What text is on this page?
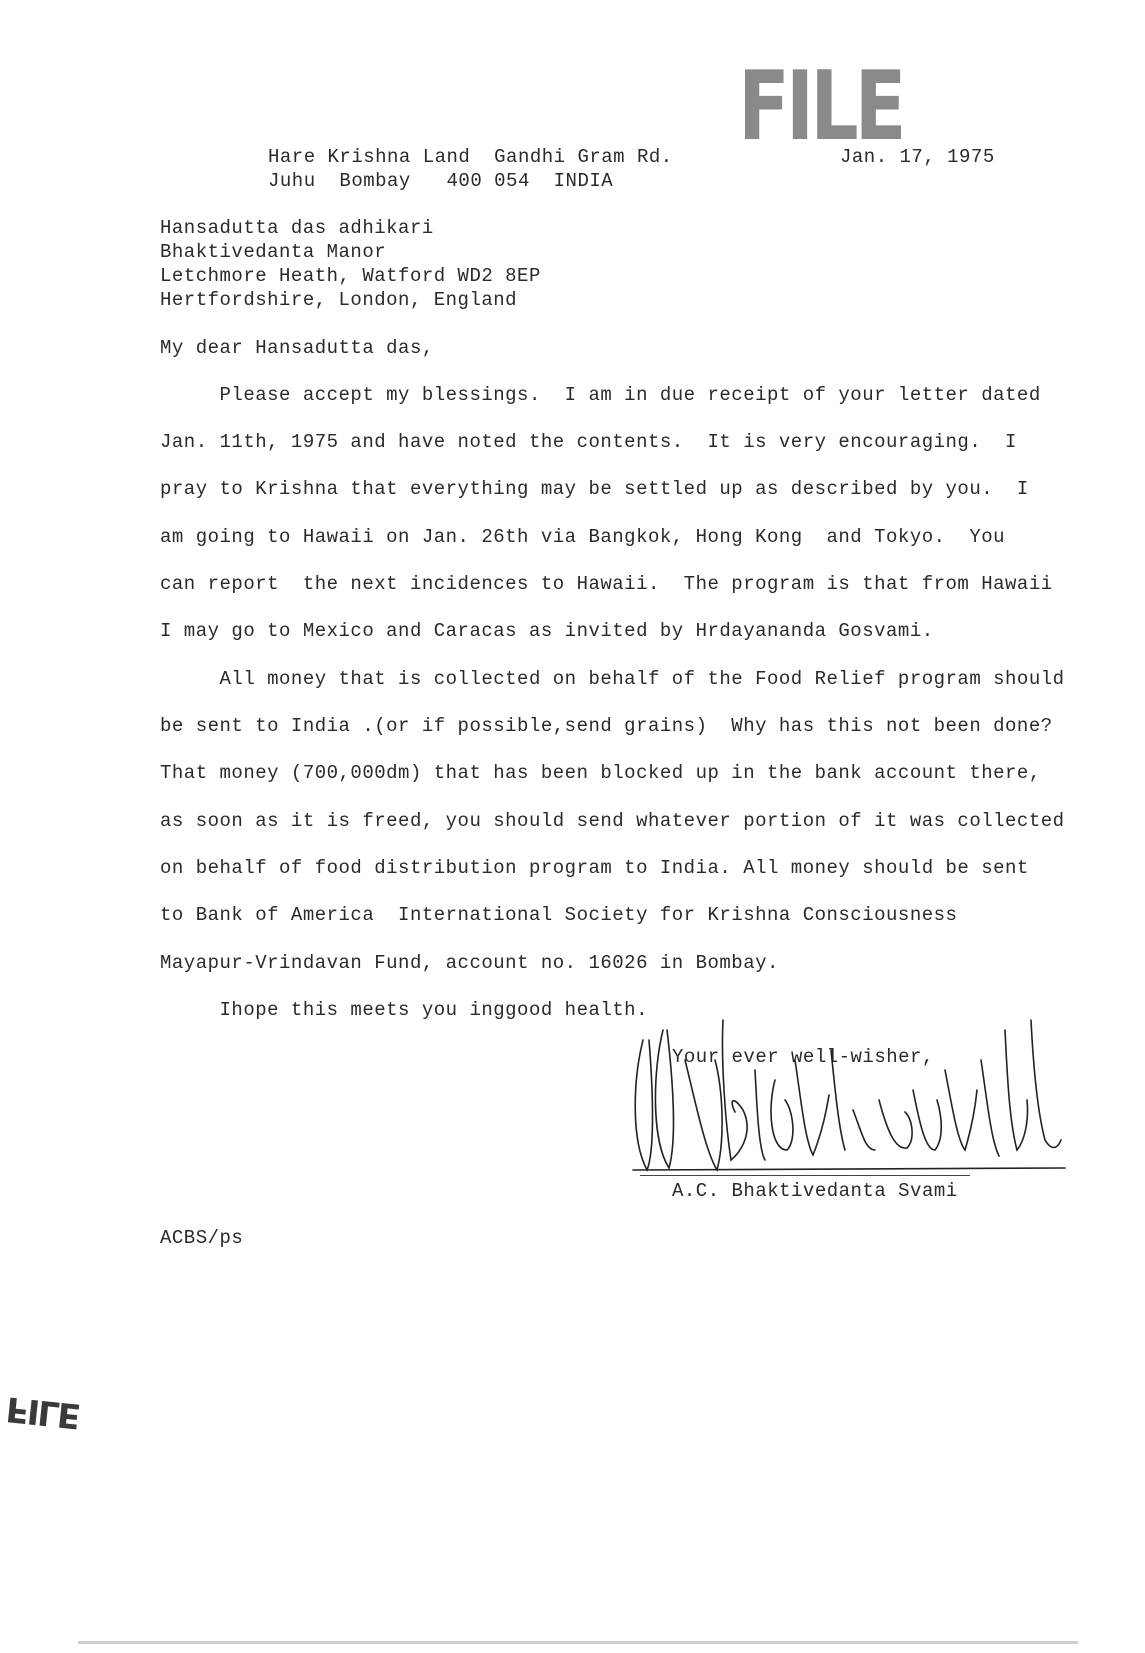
FILE
Hare Krishna Land  Gandhi Gram Rd.
Juhu  Bombay   400 054  INDIA
Jan. 17, 1975
Hansadutta das adhikari
Bhaktivedanta Manor
Letchmore Heath, Watford WD2 8EP
Hertfordshire, London, England
My dear Hansadutta das,
Please accept my blessings.  I am in due receipt of your letter dated
Jan. 11th, 1975 and have noted the contents.  It is very encouraging.  I
pray to Krishna that everything may be settled up as described by you.  I
am going to Hawaii on Jan. 26th via Bangkok, Hong Kong  and Tokyo.  You
can report  the next incidences to Hawaii.  The program is that from Hawaii
I may go to Mexico and Caracas as invited by Hrdayananda Gosvami.
All money that is collected on behalf of the Food Relief program should
be sent to India .(or if possible,send grains)  Why has this not been done?
That money (700,000dm) that has been blocked up in the bank account there,
as soon as it is freed, you should send whatever portion of it was collected
on behalf of food distribution program to India. All money should be sent
to Bank of America  International Society for Krishna Consciousness
Mayapur-Vrindavan Fund, account no. 16026 in Bombay.
Ihope this meets you inggood health.
Your ever well-wisher,
A.C. Bhaktivedanta Svami
ACBS/ps
FILE
